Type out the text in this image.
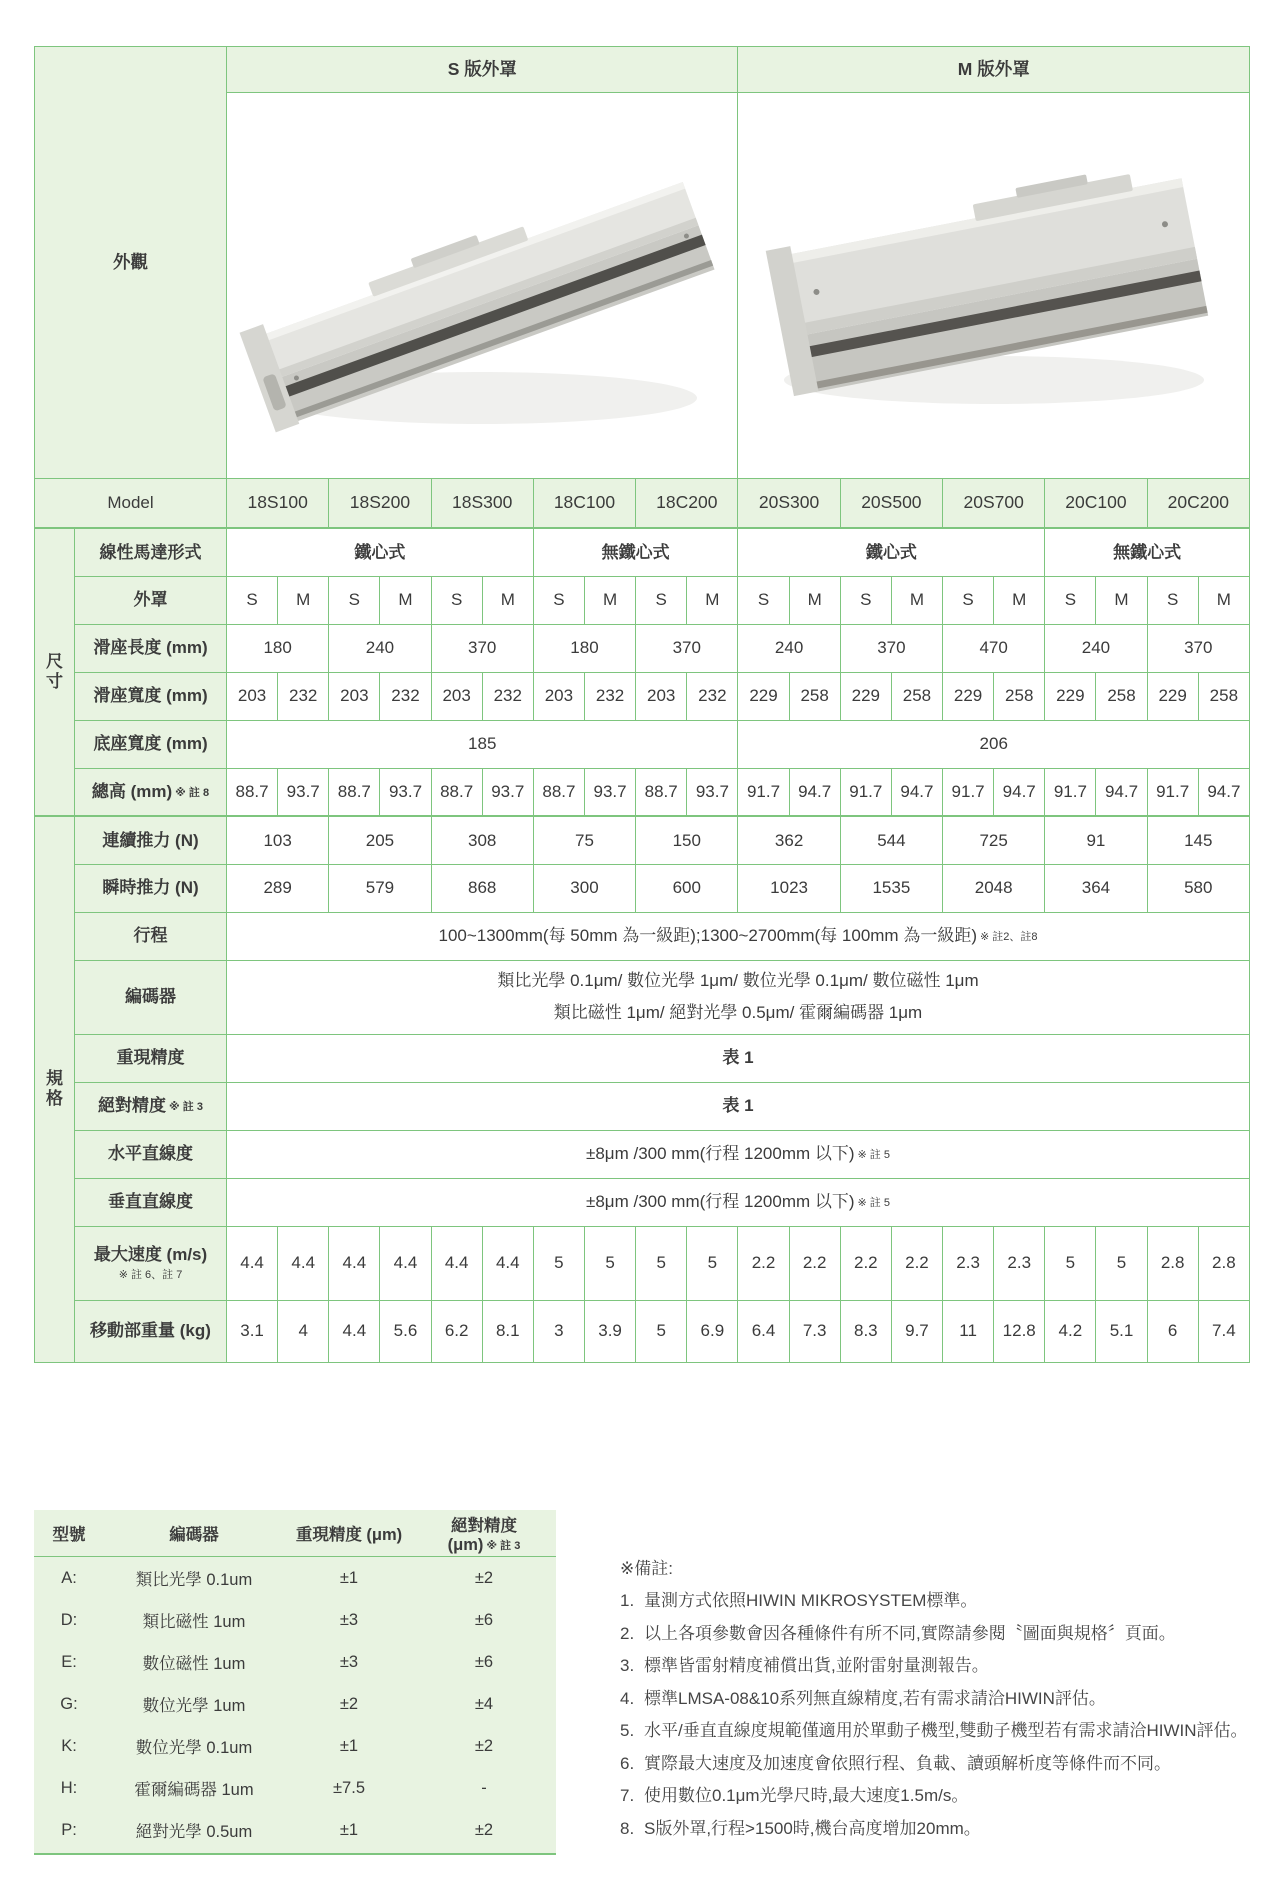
外觀		S 版外罩										M 版外罩									

Model		18S100		18S200		18S300		18C100		18C200		20S300		20S500		20S700		20C100		20C200	

尺
寸	線性馬達形式	鐵心式						無鐵心式				鐵心式						無鐵心式			
	外罩	S	M	S	M	S	M	S	M	S	M	S	M	S	M	S	M	S	M	S	M
	滑座長度 (mm)	180		240		370		180		370		240		370		470		240		370	
	滑座寬度 (mm)	203	232	203	232	203	232	203	232	203	232	229	258	229	258	229	258	229	258	229	258
	底座寬度 (mm)	185										206									
	總高 (mm) ※ 註 8	88.7	93.7	88.7	93.7	88.7	93.7	88.7	93.7	88.7	93.7	91.7	94.7	91.7	94.7	91.7	94.7	91.7	94.7	91.7	94.7

規
格	連續推力 (N)	103		205		308		75		150		362		544		725		91		145	
	瞬時推力 (N)	289		579		868		300		600		1023		1535		2048		364		580	
	行程	100~1300mm(每 50mm 為一級距);1300~2700mm(每 100mm 為一級距) ※ 註2、註8																			
	編碼器	類比光學 0.1μm/ 數位光學 1μm/ 數位光學 0.1μm/ 數位磁性 1μm
類比磁性 1μm/ 絕對光學 0.5μm/ 霍爾編碼器 1μm																			

	重現精度	表 1																			
	絕對精度 ※ 註 3	表 1																			
	水平直線度	±8μm /300 mm(行程 1200mm 以下) ※ 註 5																			
	垂直直線度	±8μm /300 mm(行程 1200mm 以下) ※ 註 5																			
	最大速度 (m/s)
※ 註 6、註 7	4.4	4.4	4.4	4.4	4.4	4.4	5	5	5	5	2.2	2.2	2.2	2.2	2.3	2.3	5	5	2.8	2.8
	移動部重量 (kg)	3.1	4	4.4	5.6	6.2	8.1	3	3.9	5	6.9	6.4	7.3	8.3	9.7	11	12.8	4.2	5.1	6	7.4
型號	編碼器	重現精度 (μm)
絕對精度 (μm) ※ 註 3
A:	類比光學 0.1um	±1	±2
D:	類比磁性 1um	±3	±6
E:	數位磁性 1um	±3	±6
G:	數位光學 1um	±2	±4
K:	數位光學 0.1um	±1	±2
H:	霍爾編碼器 1um	±7.5	-
P:	絕對光學 0.5um	±1	±2
※備註:
1. 量測方式依照HIWIN MIKROSYSTEM標準。
2. 以上各項參數會因各種條件有所不同,實際請參閱〝圖面與規格〞頁面。
3. 標準皆雷射精度補償出貨,並附雷射量測報告。
4. 標準LMSA-08&10系列無直線精度,若有需求請洽HIWIN評估。
5. 水平/垂直直線度規範僅適用於單動子機型,雙動子機型若有需求請洽HIWIN評估。
6. 實際最大速度及加速度會依照行程、負載、讀頭解析度等條件而不同。
7. 使用數位0.1μm光學尺時,最大速度1.5m/s。
8. S版外罩,行程>1500時,機台高度增加20mm。
